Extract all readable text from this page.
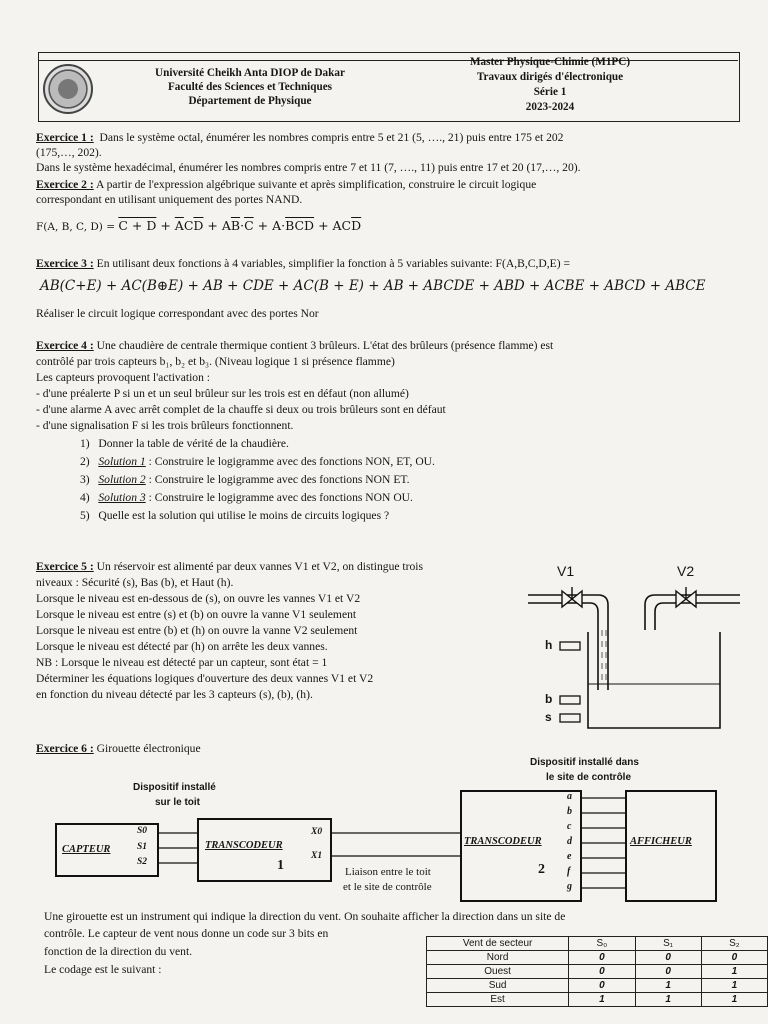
Université Cheikh Anta DIOP de Dakar
Faculté des Sciences et Techniques
Département de Physique
Master Physique-Chimie (M1PC)
Travaux dirigés d'électronique
Série 1
2023-2024
Exercice 1 : Dans le système octal, énumérer les nombres compris entre 5 et 21 (5, …., 21) puis entre 175 et 202
(175,…, 202).
Dans le système hexadécimal, énumérer les nombres compris entre 7 et 11 (7, …., 11) puis entre 17 et 20 (17,…, 20).
Exercice 2 : A partir de l'expression algébrique suivante et après simplification, construire le circuit logique
correspondant en utilisant uniquement des portes NAND.
F(A, B, C, $D) = C + D + \overline{A}C\overline{D} + A\overline{B}\cdot\overline{C} + A\cdot\overline{BCD} + AC\overline{D}$
Exercice 3 : En utilisant deux fonctions à 4 variables, simplifier la fonction à 5 variables suivante: F(A,B,C,D,E) =
AB(C+E) + AC(B⊕E) + AB + CDE + AC(B + E) + AB + ABCDE + ABD + ACBE + ABCD + ABCE
Réaliser le circuit logique correspondant avec des portes Nor
Exercice 4 : Une chaudière de centrale thermique contient 3 brûleurs. L'état des brûleurs (présence flamme) est
contrôlé par trois capteurs b₁, b₂ et b₃. (Niveau logique 1 si présence flamme)
Les capteurs provoquent l'activation :
- d'une préalerte P si un et un seul brûleur sur les trois est en défaut (non allumé)
- d'une alarme A avec arrêt complet de la chauffe si deux ou trois brûleurs sont en défaut
- d'une signalisation F si les trois brûleurs fonctionnent.
1) Donner la table de vérité de la chaudière.
2) Solution 1 : Construire le logigramme avec des fonctions NON, ET, OU.
3) Solution 2 : Construire le logigramme avec des fonctions NON ET.
4) Solution 3 : Construire le logigramme avec des fonctions NON OU.
5) Quelle est la solution qui utilise le moins de circuits logiques ?
Exercice 5 : Un réservoir est alimenté par deux vannes V1 et V2, on distingue trois
niveaux : Sécurité (s), Bas (b), et Haut (h).
Lorsque le niveau est en-dessous de (s), on ouvre les vannes V1 et V2
Lorsque le niveau est entre (s) et (b) on ouvre la vanne V1 seulement
Lorsque le niveau est entre (b) et (h) on ouvre la vanne V2 seulement
Lorsque le niveau est détecté par (h) on arrête les deux vannes.
NB : Lorsque le niveau est détecté par un capteur, sont état = 1
Déterminer les équations logiques d'ouverture des deux vannes V1 et V2
en fonction du niveau détecté par les 3 capteurs (s), (b), (h).
V1	V2
h
b
s
Exercice 6 : Girouette électronique
Dispositif installé dans
le site de contrôle
Dispositif installé
sur le toit
CAPTEUR
S0
S1
S2
TRANSCODEUR
1
X0
X1
Liaison entre le toit
et le site de contrôle
TRANSCODEUR
2
a
b
c
d
e
f
g
AFFICHEUR
Une girouette est un instrument qui indique la direction du vent. On souhaite afficher la direction dans un site de
contrôle. Le capteur de vent nous donne un code sur 3 bits en
fonction de la direction du vent.
Le codage est le suivant :
Vent de secteur	S₀	S₁	S₂
Nord	0	0	0
Ouest	0	0	1
Sud	0	1	1
Est	1	1	1
